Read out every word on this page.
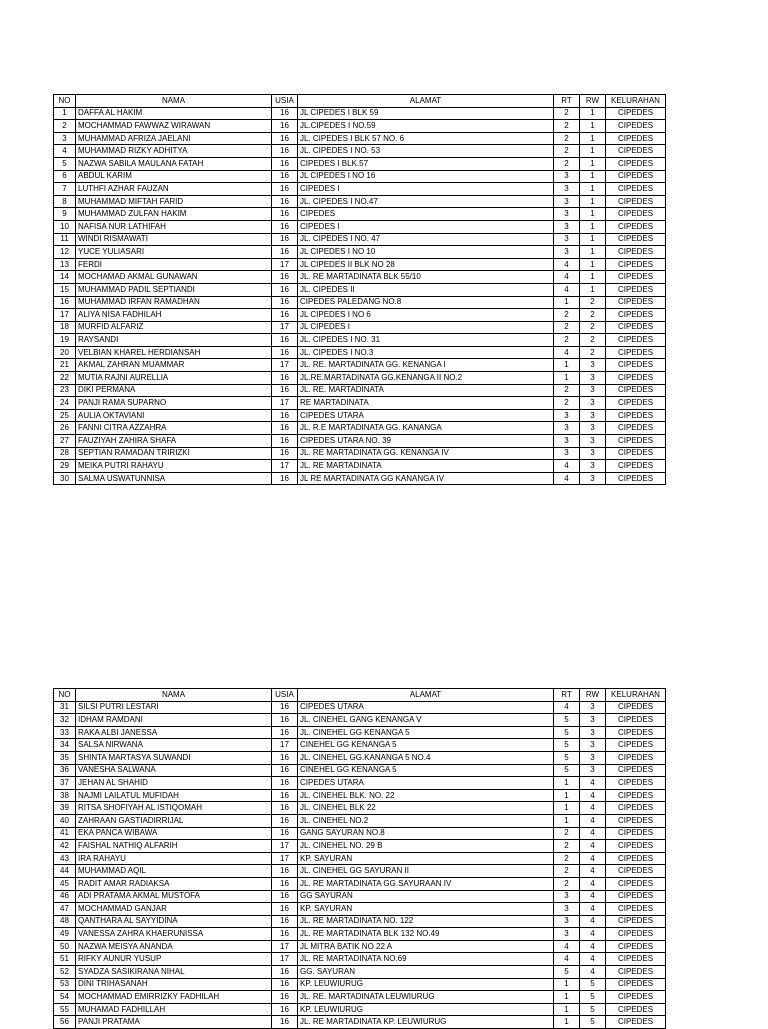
NO	NAMA	USIA	ALAMAT	RT	RW	KELURAHAN
1	DAFFA AL HAKIM	16	JL CIPEDES I BLK 59	2	1	CIPEDES
2	MOCHAMMAD FAWWAZ WIRAWAN	16	JL.CIPEDES I NO.59	2	1	CIPEDES
3	MUHAMMAD AFRIZA JAELANI	16	JL. CIPEDES I BLK 57 NO. 6	2	1	CIPEDES
4	MUHAMMAD RIZKY ADHITYA	16	JL. CIPEDES I NO. 53	2	1	CIPEDES
5	NAZWA SABILA MAULANA FATAH	16	CIPEDES I BLK.57	2	1	CIPEDES
6	ABDUL KARIM	16	JL CIPEDES I NO 16	3	1	CIPEDES
7	LUTHFI AZHAR FAUZAN	16	CIPEDES I	3	1	CIPEDES
8	MUHAMMAD MIFTAH FARID	16	JL. CIPEDES I NO.47	3	1	CIPEDES
9	MUHAMMAD ZULFAN HAKIM	16	CIPEDES	3	1	CIPEDES
10	NAFISA NUR LATHIFAH	16	CIPEDES I	3	1	CIPEDES
11	WINDI RISMAWATI	16	JL. CIPEDES I NO. 47	3	1	CIPEDES
12	YUCE YULIASARI	16	JL CIPEDES I NO 10	3	1	CIPEDES
13	FERDI	17	JL CIPEDES II BLK NO 28	4	1	CIPEDES
14	MOCHAMAD AKMAL GUNAWAN	16	JL. RE MARTADINATA BLK 55/10	4	1	CIPEDES
15	MUHAMMAD PADIL SEPTIANDI	16	JL. CIPEDES II	4	1	CIPEDES
16	MUHAMMAD IRFAN RAMADHAN	16	CIPEDES PALEDANG NO.8	1	2	CIPEDES
17	ALIYA NISA FADHILAH	16	JL CIPEDES I NO 6	2	2	CIPEDES
18	MURFID ALFARIZ	17	JL CIPEDES I	2	2	CIPEDES
19	RAYSANDI	16	JL. CIPEDES I NO. 31	2	2	CIPEDES
20	VELBIAN KHAREL HERDIANSAH	16	JL. CIPEDES I NO.3	4	2	CIPEDES
21	AKMAL ZAHRAN MUAMMAR	17	JL. RE. MARTADINATA GG. KENANGA I	1	3	CIPEDES
22	MUTIA RAJNI AURELLIA	16	JL.RE.MARTADINATA GG.KENANGA II NO.2	1	3	CIPEDES
23	DIKI PERMANA	16	JL. RE. MARTADINATA	2	3	CIPEDES
24	PANJI RAMA SUPARNO	17	RE MARTADINATA	2	3	CIPEDES
25	AULIA OKTAVIANI	16	CIPEDES UTARA	3	3	CIPEDES
26	FANNI CITRA AZZAHRA	16	JL. R.E MARTADINATA GG. KANANGA	3	3	CIPEDES
27	FAUZIYAH ZAHIRA SHAFA	16	CIPEDES UTARA NO. 39	3	3	CIPEDES
28	SEPTIAN RAMADAN TRIRIZKI	16	JL. RE MARTADINATA GG. KENANGA IV	3	3	CIPEDES
29	MEIKA PUTRI RAHAYU	17	JL. RE MARTADINATA	4	3	CIPEDES
30	SALMA USWATUNNISA	16	JL RE MARTADINATA GG KANANGA IV	4	3	CIPEDES
NO	NAMA	USIA	ALAMAT	RT	RW	KELURAHAN
31	SILSI PUTRI LESTARI	16	CIPEDES UTARA	4	3	CIPEDES
32	IDHAM RAMDANI	16	JL. CINEHEL GANG KENANGA V	5	3	CIPEDES
33	RAKA ALBI JANESSA	16	JL. CINEHEL GG KENANGA 5	5	3	CIPEDES
34	SALSA NIRWANA	17	CINEHEL GG KENANGA 5	5	3	CIPEDES
35	SHINTA MARTASYA SUWANDI	16	JL. CINEHEL GG.KANANGA 5 NO.4	5	3	CIPEDES
36	VANESHA SALWANA	16	CINEHEL GG KENANGA 5	5	3	CIPEDES
37	JEHAN AL SHAHID	16	CIPEDES UTARA	1	4	CIPEDES
38	NAJMI LAILATUL MUFIDAH	16	JL. CINEHEL BLK. NO. 22	1	4	CIPEDES
39	RITSA SHOFIYAH AL ISTIQOMAH	16	JL. CINEHEL BLK 22	1	4	CIPEDES
40	ZAHRAAN GASTIADIRRIJAL	16	JL. CINEHEL NO.2	1	4	CIPEDES
41	EKA PANCA WIBAWA	16	GANG SAYURAN NO.8	2	4	CIPEDES
42	FAISHAL NATHIQ ALFARIH	17	JL. CINEHEL NO. 29 B	2	4	CIPEDES
43	IRA RAHAYU	17	KP. SAYURAN	2	4	CIPEDES
44	MUHAMMAD AQIL	16	JL. CINEHEL GG SAYURAN II	2	4	CIPEDES
45	RADIT AMAR RADIAKSA	16	JL. RE MARTADINATA GG.SAYURAAN IV	2	4	CIPEDES
46	ADI PRATAMA AKMAL MUSTOFA	16	GG SAYURAN	3	4	CIPEDES
47	MOCHAMMAD GANJAR	16	KP. SAYURAN	3	4	CIPEDES
48	QANTHARA AL SAYYIDINA	16	JL. RE MARTADINATA NO. 122	3	4	CIPEDES
49	VANESSA ZAHRA KHAERUNISSA	16	JL. RE MARTADINATA BLK 132 NO.49	3	4	CIPEDES
50	NAZWA MEISYA ANANDA	17	JL MITRA BATIK NO 22 A	4	4	CIPEDES
51	RIFKY AUNUR YUSUP	17	JL. RE MARTADINATA NO.69	4	4	CIPEDES
52	SYADZA SASIKIRANA NIHAL	16	GG. SAYURAN	5	4	CIPEDES
53	DINI TRIHASANAH	16	KP. LEUWIURUG	1	5	CIPEDES
54	MOCHAMMAD EMIRRIZKY FADHILAH	16	JL. RE. MARTADINATA LEUWIURUG	1	5	CIPEDES
55	MUHAMAD FADHILLAH	16	KP. LEUWIURUG	1	5	CIPEDES
56	PANJI PRATAMA	16	JL. RE MARTADINATA KP. LEUWIURUG	1	5	CIPEDES
